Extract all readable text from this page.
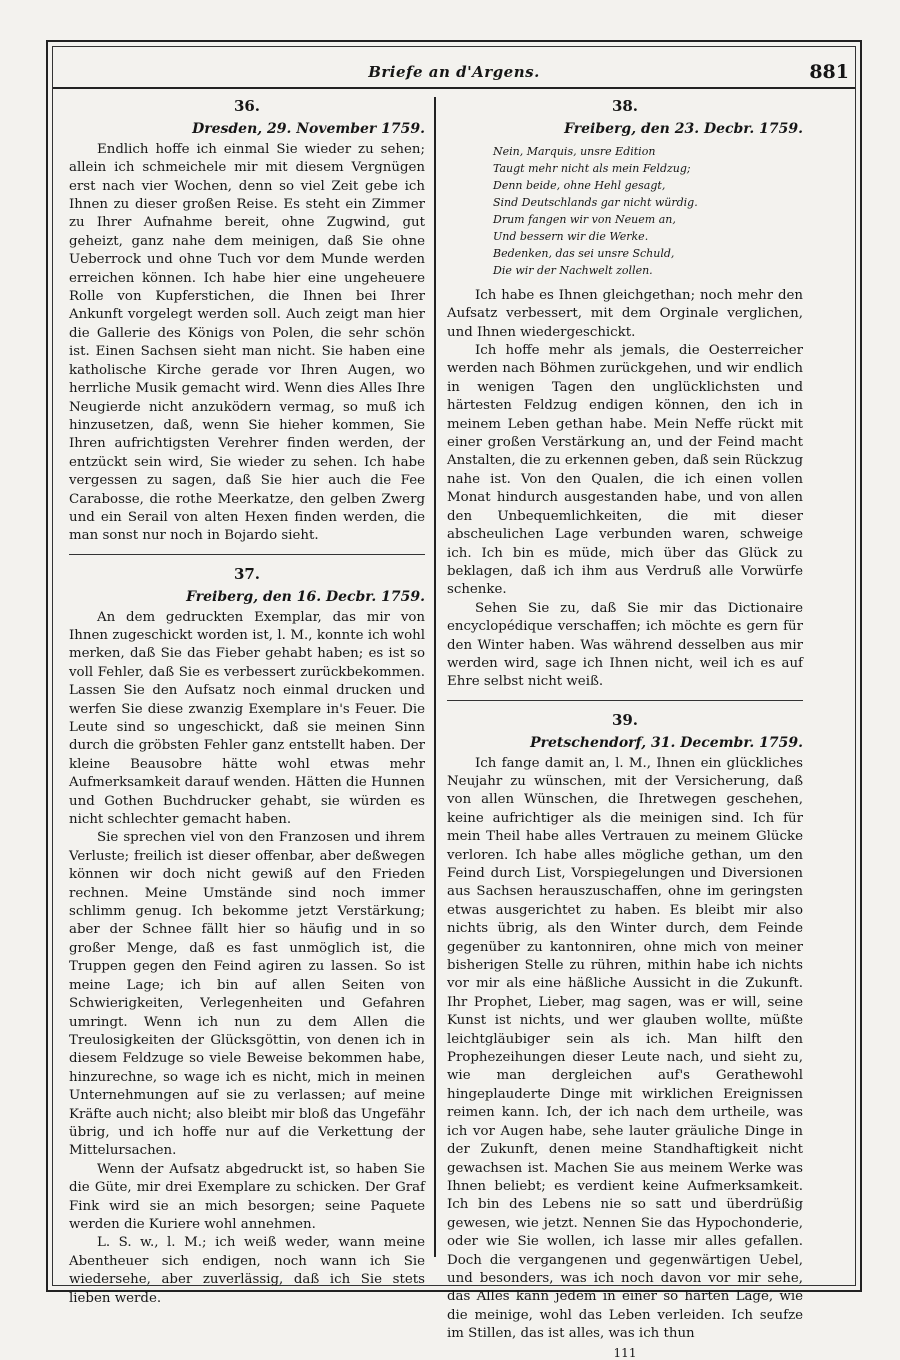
Briefe an d'Argens.	881
36.
Dresden, 29. November 1759.

Endlich hoffe ich einmal Sie wieder zu sehen; allein ich schmeichele mir mit diesem Vergnügen erst nach vier Wochen, denn so viel Zeit gebe ich Ihnen zu dieser großen Reise. Es steht ein Zimmer zu Ihrer Aufnahme bereit, ohne Zugwind, gut geheizt, ganz nahe dem meinigen, daß Sie ohne Ueberrock und ohne Tuch vor dem Munde werden erreichen können. Ich habe hier eine ungeheuere Rolle von Kupferstichen, die Ihnen bei Ihrer Ankunft vorgelegt werden soll. Auch zeigt man hier die Gallerie des Königs von Polen, die sehr schön ist. Einen Sachsen sieht man nicht. Sie haben eine katholische Kirche gerade vor Ihren Augen, wo herrliche Musik gemacht wird. Wenn dies Alles Ihre Neugierde nicht anzuködern vermag, so muß ich hinzusetzen, daß, wenn Sie hieher kommen, Sie Ihren aufrichtigsten Verehrer finden werden, der entzückt sein wird, Sie wieder zu sehen. Ich habe vergessen zu sagen, daß Sie hier auch die Fee Carabosse, die rothe Meerkatze, den gelben Zwerg und ein Serail von alten Hexen finden werden, die man sonst nur noch in Bojardo sieht.

37.
Freiberg, den 16. Decbr. 1759.

An dem gedruckten Exemplar, das mir von Ihnen zugeschickt worden ist, l. M., konnte ich wohl merken, daß Sie das Fieber gehabt haben; es ist so voll Fehler, daß Sie es verbessert zurückbekommen. Lassen Sie den Aufsatz noch einmal drucken und werfen Sie diese zwanzig Exemplare in's Feuer. Die Leute sind so ungeschickt, daß sie meinen Sinn durch die gröbsten Fehler ganz entstellt haben. Der kleine Beausobre hätte wohl etwas mehr Aufmerksamkeit darauf wenden. Hätten die Hunnen und Gothen Buchdrucker gehabt, sie würden es nicht schlechter gemacht haben.

Sie sprechen viel von den Franzosen und ihrem Verluste; freilich ist dieser offenbar, aber deßwegen können wir doch nicht gewiß auf den Frieden rechnen. Meine Umstände sind noch immer schlimm genug. Ich bekomme jetzt Verstärkung; aber der Schnee fällt hier so häufig und in so großer Menge, daß es fast unmöglich ist, die Truppen gegen den Feind agiren zu lassen. So ist meine Lage; ich bin auf allen Seiten von Schwierigkeiten, Verlegenheiten und Gefahren umringt. Wenn ich nun zu dem Allen die Treulosigkeiten der Glücksgöttin, von denen ich in diesem Feldzuge so viele Beweise bekommen habe, hinzurechne, so wage ich es nicht, mich in meinen Unternehmungen auf sie zu verlassen; auf meine Kräfte auch nicht; also bleibt mir bloß das Ungefähr übrig, und ich hoffe nur auf die Verkettung der Mittelursachen.

Wenn der Aufsatz abgedruckt ist, so haben Sie die Güte, mir drei Exemplare zu schicken. Der Graf Fink wird sie an mich besorgen; seine Paquete werden die Kuriere wohl annehmen.

L. S. w., l. M.; ich weiß weder, wann meine Abentheuer sich endigen, noch wann ich Sie wiedersehe, aber zuverlässig, daß ich Sie stets lieben werde.

38.
Freiberg, den 23. Decbr. 1759.
Nein, Marquis, unsre Edition
Taugt mehr nicht als mein Feldzug;
Denn beide, ohne Hehl gesagt,
Sind Deutschlands gar nicht würdig.
Drum fangen wir von Neuem an,
Und bessern wir die Werke.
Bedenken, das sei unsre Schuld,
Die wir der Nachwelt zollen.

Ich habe es Ihnen gleichgethan; noch mehr den Aufsatz verbessert, mit dem Orginale verglichen, und Ihnen wiedergeschickt.

Ich hoffe mehr als jemals, die Oesterreicher werden nach Böhmen zurückgehen, und wir endlich in wenigen Tagen den unglücklichsten und härtesten Feldzug endigen können, den ich in meinem Leben gethan habe. Mein Neffe rückt mit einer großen Verstärkung an, und der Feind macht Anstalten, die zu erkennen geben, daß sein Rückzug nahe ist. Von den Qualen, die ich einen vollen Monat hindurch ausgestanden habe, und von allen den Unbequemlichkeiten, die mit dieser abscheulichen Lage verbunden waren, schweige ich. Ich bin es müde, mich über das Glück zu beklagen, daß ich ihm aus Verdruß alle Vorwürfe schenke.

Sehen Sie zu, daß Sie mir das Dictionaire encyclopédique verschaffen; ich möchte es gern für den Winter haben. Was während desselben aus mir werden wird, sage ich Ihnen nicht, weil ich es auf Ehre selbst nicht weiß.

39.
Pretschendorf, 31. Decembr. 1759.

Ich fange damit an, l. M., Ihnen ein glückliches Neujahr zu wünschen, mit der Versicherung, daß von allen Wünschen, die Ihretwegen geschehen, keine aufrichtiger als die meinigen sind. Ich für mein Theil habe alles Vertrauen zu meinem Glücke verloren. Ich habe alles mögliche gethan, um den Feind durch List, Vorspiegelungen und Diversionen aus Sachsen herauszuschaffen, ohne im geringsten etwas ausgerichtet zu haben. Es bleibt mir also nichts übrig, als den Winter durch, dem Feinde gegenüber zu kantonniren, ohne mich von meiner bisherigen Stelle zu rühren, mithin habe ich nichts vor mir als eine häßliche Aussicht in die Zukunft. Ihr Prophet, Lieber, mag sagen, was er will, seine Kunst ist nichts, und wer glauben wollte, müßte leichtgläubiger sein als ich. Man hilft den Prophezeihungen dieser Leute nach, und sieht zu, wie man dergleichen auf's Gerathewohl hingeplauderte Dinge mit wirklichen Ereignissen reimen kann. Ich, der ich nach dem urtheile, was ich vor Augen habe, sehe lauter gräuliche Dinge in der Zukunft, denen meine Standhaftigkeit nicht gewachsen ist. Machen Sie aus meinem Werke was Ihnen beliebt; es verdient keine Aufmerksamkeit. Ich bin des Lebens nie so satt und überdrüßig gewesen, wie jetzt. Nennen Sie das Hypochonderie, oder wie Sie wollen, ich lasse mir alles gefallen. Doch die vergangenen und gegenwärtigen Uebel, und besonders, was ich noch davon vor mir sehe, das Alles kann jedem in einer so harten Lage, wie die meinige, wohl das Leben verleiden. Ich seufze im Stillen, das ist alles, was ich thun

111
